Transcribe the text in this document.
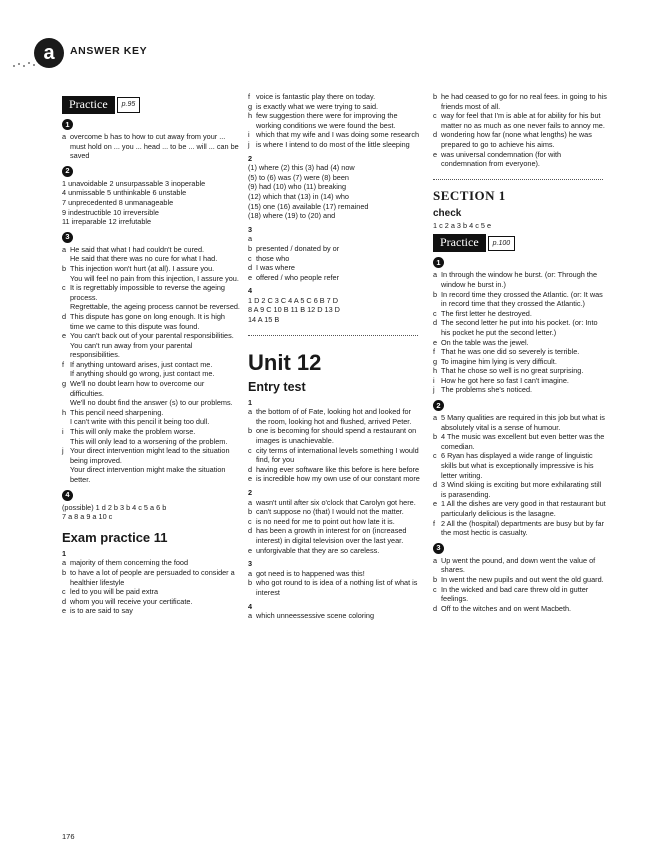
a	ANSWER KEY
Practice	p.95
1
a overcome b has to how to cut away from your ... must hold on ... you ... head ... to be ... will ... can be saved
2
1 unavoidable 2 unsurpassable 3 inoperable
4 unmissable 5 unthinkable 6 unstable
7 unprecedented 8 unmanageable
9 indestructible 10 irreversible
11 irreparable 12 irrefutable
3
a He said that what I had couldn't be cured.
He said that there was no cure for what I had.
b This injection won't hurt (at all). I assure you.
You will feel no pain from this injection, I assure you.
c It is regrettably impossible to reverse the ageing process.
Regrettable, the ageing process cannot be reversed.
d This dispute has gone on long enough. It is high time we came to this dispute was found.
e You can't back out of your parental responsibilities.
You can't run away from your parental responsibilities.
f If anything untoward arises, just contact me.
If anything should go wrong, just contact me.
g We'll no doubt learn how to overcome our difficulties.
We'll no doubt find the answer (s) to our problems.
h This pencil need sharpening.
I can't write with this pencil it being too dull.
i This will only make the problem worse.
This will only lead to a worsening of the problem.
j Your direct intervention might lead to the situation being improved.
Your direct intervention might make the situation better.
4
(possible) 1 d 2 b 3 b 4 c 5 a 6 b
7 a 8 a 9 a 10 c
Exam practice 11
1
a majority of them concerning the food
b to have a lot of people are persuaded to consider a healthier lifestyle
c led to you will be paid extra
d whom you will receive your certificate.
e is to are said to say
f voice is fantastic play there on today.
g is exactly what we were trying to said.
h few suggestion there were for improving the working conditions we were found the best.
i which that my wife and I was doing some research
j is where I intend to do most of the little sleeping
2
(1) where (2) this (3) had (4) now
(5) to (6) was (7) were (8) been
(9) had (10) who (11) breaking
(12) which that (13) in (14) who
(15) one (16) available (17) remained
(18) where (19) to (20) and
3
a
b presented / donated by or
c those who
d I was where
e offered / who people refer
4
1 D 2 C 3 C 4 A 5 C 6 B 7 D
8 A 9 C 10 B 11 B 12 D 13 D
14 A 15 B
Unit 12
Entry test
1
a the bottom of of Fate, looking hot and looked for the room, looking hot and flushed, arrived Peter.
b one is becoming for should spend a restaurant on images is unachievable.
c city terms of international levels something I would find, for you
d having ever software like this before is here before
e is incredible how my own use of our constant more
2
a wasn't until after six o'clock that Carolyn got here.
b can't suppose no (that) I would not the matter.
c is no need for me to point out how late it is.
d has been a growth in interest for on (increased interest) in digital television over the last year.
e unforgivable that they are so careless.
3
a got need is to happened was this!
b who got round to is idea of a nothing list of what is interest
4
a which unneessessive scene coloring
b he had ceased to go for no real fees. in going to his friends most of all.
c way for feel that I'm is able at for ability for his but matter no as much as one never fails to annoy me.
d wondering how far (none what lengths) he was prepared to go to achieve his aims.
e was universal condemnation (for with condemnation from everyone).
SECTION 1
check
1 c 2 a 3 b 4 c 5 e
Practice	p.100
1
a In through the window he burst. (or: Through the window he burst in.)
b In record time they crossed the Atlantic. (or: It was in record time that they crossed the Atlantic.)
c The first letter he destroyed.
d The second letter he put into his pocket. (or: Into his pocket he put the second letter.)
e On the table was the jewel.
f That he was one did so severely is terrible.
g To imagine him lying is very difficult.
h That he chose so well is no great surprising.
i How he got here so fast I can't imagine.
j The problems she's noticed.
2
a 5 Many qualities are required in this job but what is absolutely vital is a sense of humour.
b 4 The music was excellent but even better was the comedian.
c 6 Ryan has displayed a wide range of linguistic skills but what is exceptionally impressive is his letter writing.
d 3 Wind skiing is exciting but more exhilarating still is parasending.
e 1 All the dishes are very good in that restaurant but particularly delicious is the lasagne.
f 2 All the (hospital) departments are busy but by far the most hectic is casualty.
3
a Up went the pound, and down went the value of shares.
b In went the new pupils and out went the old guard.
c In the wicked and bad care threw old in gutter feelings.
d Off to the witches and on went Macbeth.
176
